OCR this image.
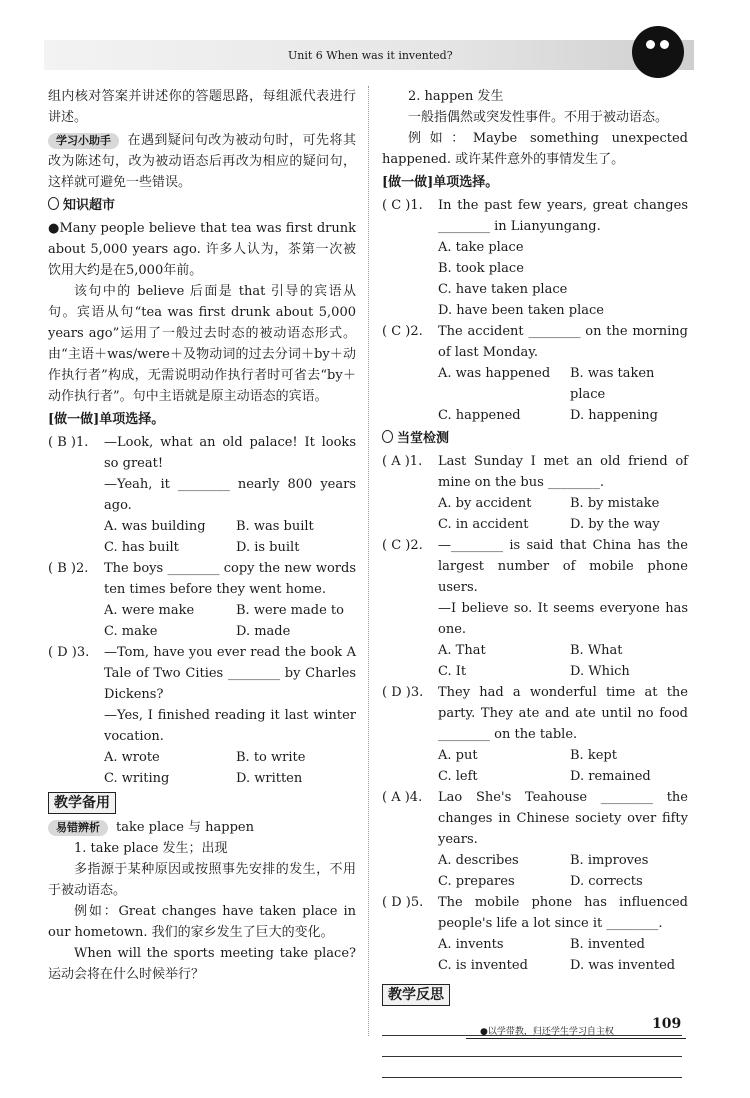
Unit 6 When was it invented?

组内核对答案并讲述你的答题思路，每组派代表进行讲述。

学习小助手 在遇到疑问句改为被动句时，可先将其改为陈述句，改为被动语态后再改为相应的疑问句，这样就可避免一些错误。

知识超市

●Many people believe that tea was first drunk about 5,000 years ago. 许多人认为，茶第一次被饮用大约是在5,000年前。

该句中的 believe 后面是 that 引导的宾语从句。宾语从句“tea was first drunk about 5,000 years ago”运用了一般过去时态的被动语态形式。由“主语＋was/were＋及物动词的过去分词＋by＋动作执行者”构成，无需说明动作执行者时可省去“by＋动作执行者”。句中主语就是原主动语态的宾语。

[做一做]单项选择。
( B )1.	—Look, what an old palace! It looks so great!
—Yeah, it ________ nearly 800 years ago.
A. was building	B. was built
C. has built	D. is built
( B )2.	The boys ________ copy the new words ten times before they went home.
A. were make	B. were made to
C. make	D. made
( D )3.	—Tom, have you ever read the book A Tale of Two Cities ________ by Charles Dickens?
—Yes, I finished reading it last winter vocation.
A. wrote	B. to write
C. writing	D. written
教学备用

易错辨析 take place 与 happen

1. take place 发生；出现

多指源于某种原因或按照事先安排的发生，不用于被动语态。

例如：Great changes have taken place in our hometown. 我们的家乡发生了巨大的变化。

When will the sports meeting take place? 运动会将在什么时候举行？

2. happen 发生

一般指偶然或突发性事件。不用于被动语态。

例如：Maybe something unexpected happened. 或许某件意外的事情发生了。

[做一做]单项选择。
( C )1.	In the past few years, great changes ________ in Lianyungang.
A. take place
B. took place
C. have taken place
D. have been taken place
( C )2.	The accident ________ on the morning of last Monday.
A. was happened	B. was taken place
C. happened	D. happening
当堂检测
( A )1.	Last Sunday I met an old friend of mine on the bus ________.
A. by accident	B. by mistake
C. in accident	D. by the way
( C )2.	—________ is said that China has the largest number of mobile phone users.
—I believe so. It seems everyone has one.
A. That	B. What
C. It	D. Which
( D )3.	They had a wonderful time at the party. They ate and ate until no food ________ on the table.
A. put	B. kept
C. left	D. remained
( A )4.	Lao She's Teahouse ________ the changes in Chinese society over fifty years.
A. describes	B. improves
C. prepares	D. corrects
( D )5.	The mobile phone has influenced people's life a lot since it ________.
A. invents	B. invented
C. is invented	D. was invented
教学反思
●以学带教，归还学生学习自主权	109
